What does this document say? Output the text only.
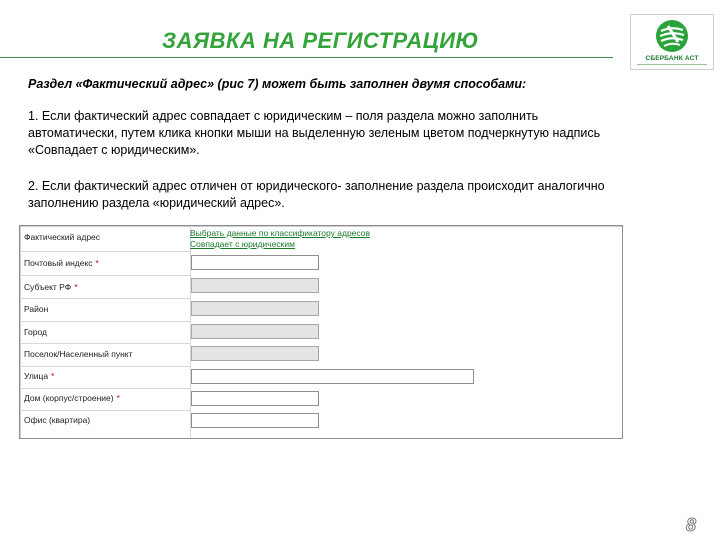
ЗАЯВКА НА РЕГИСТРАЦИЮ
СБЕРБАНК АСТ
Раздел «Фактический адрес» (рис 7) может быть заполнен двумя способами:
1. Если фактический адрес совпадает с юридическим – поля раздела можно заполнить автоматически, путем клика кнопки мыши на выделенную зеленым цветом подчеркнутую надпись «Совпадает с юридическим».
2. Если фактический адрес отличен от юридического- заполнение раздела происходит аналогично заполнению раздела «юридический адрес».
Фактический адрес	Выбрать данные по классификатору адресов
Совпадает с юридическим
Почтовый индекс *
Субъект РФ *
Район
Город
Поселок/Населенный пункт
Улица *
Дом (корпус/строение) *
Офис (квартира)
8
